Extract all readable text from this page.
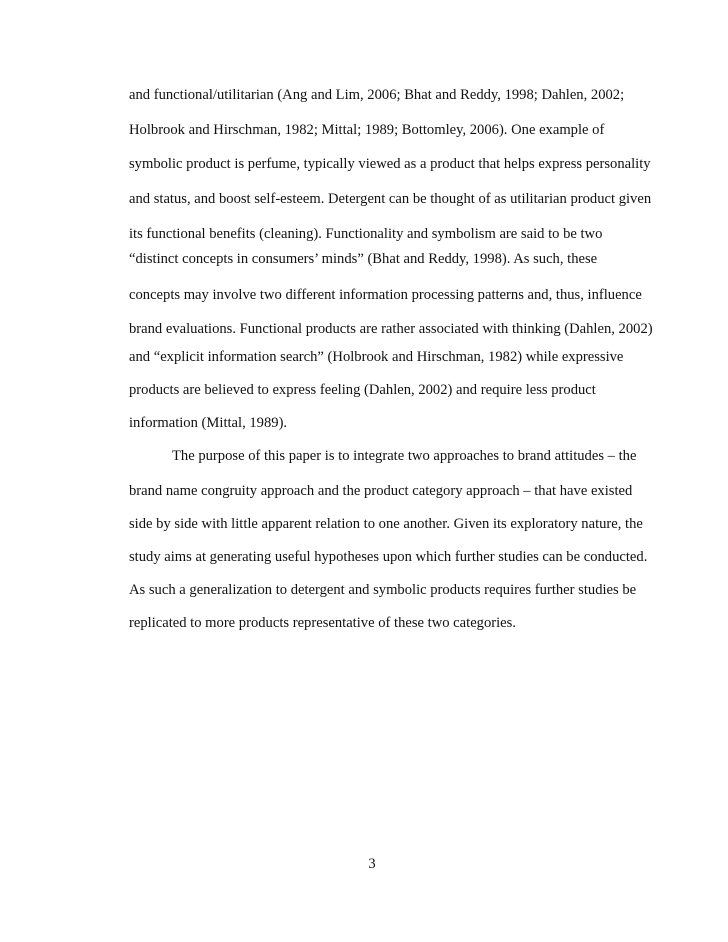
and functional/utilitarian (Ang and Lim, 2006; Bhat and Reddy, 1998; Dahlen, 2002;

Holbrook and Hirschman, 1982; Mittal; 1989; Bottomley, 2006). One example of

symbolic product is perfume, typically viewed as a product that helps express personality

and status, and boost self-esteem. Detergent can be thought of as utilitarian product given

its functional benefits (cleaning). Functionality and symbolism are said to be two

“distinct concepts in consumers’ minds” (Bhat and Reddy, 1998). As such, these

concepts may involve two different information processing patterns and, thus, influence

brand evaluations. Functional products are rather associated with thinking (Dahlen, 2002)

and “explicit information search” (Holbrook and Hirschman, 1982) while expressive

products are believed to express feeling (Dahlen, 2002) and require less product

information (Mittal, 1989).

The purpose of this paper is to integrate two approaches to brand attitudes – the

brand name congruity approach and the product category approach – that have existed

side by side with little apparent relation to one another. Given its exploratory nature, the

study aims at generating useful hypotheses upon which further studies can be conducted.

As such a generalization to detergent and symbolic products requires further studies be

replicated to more products representative of these two categories.

3
